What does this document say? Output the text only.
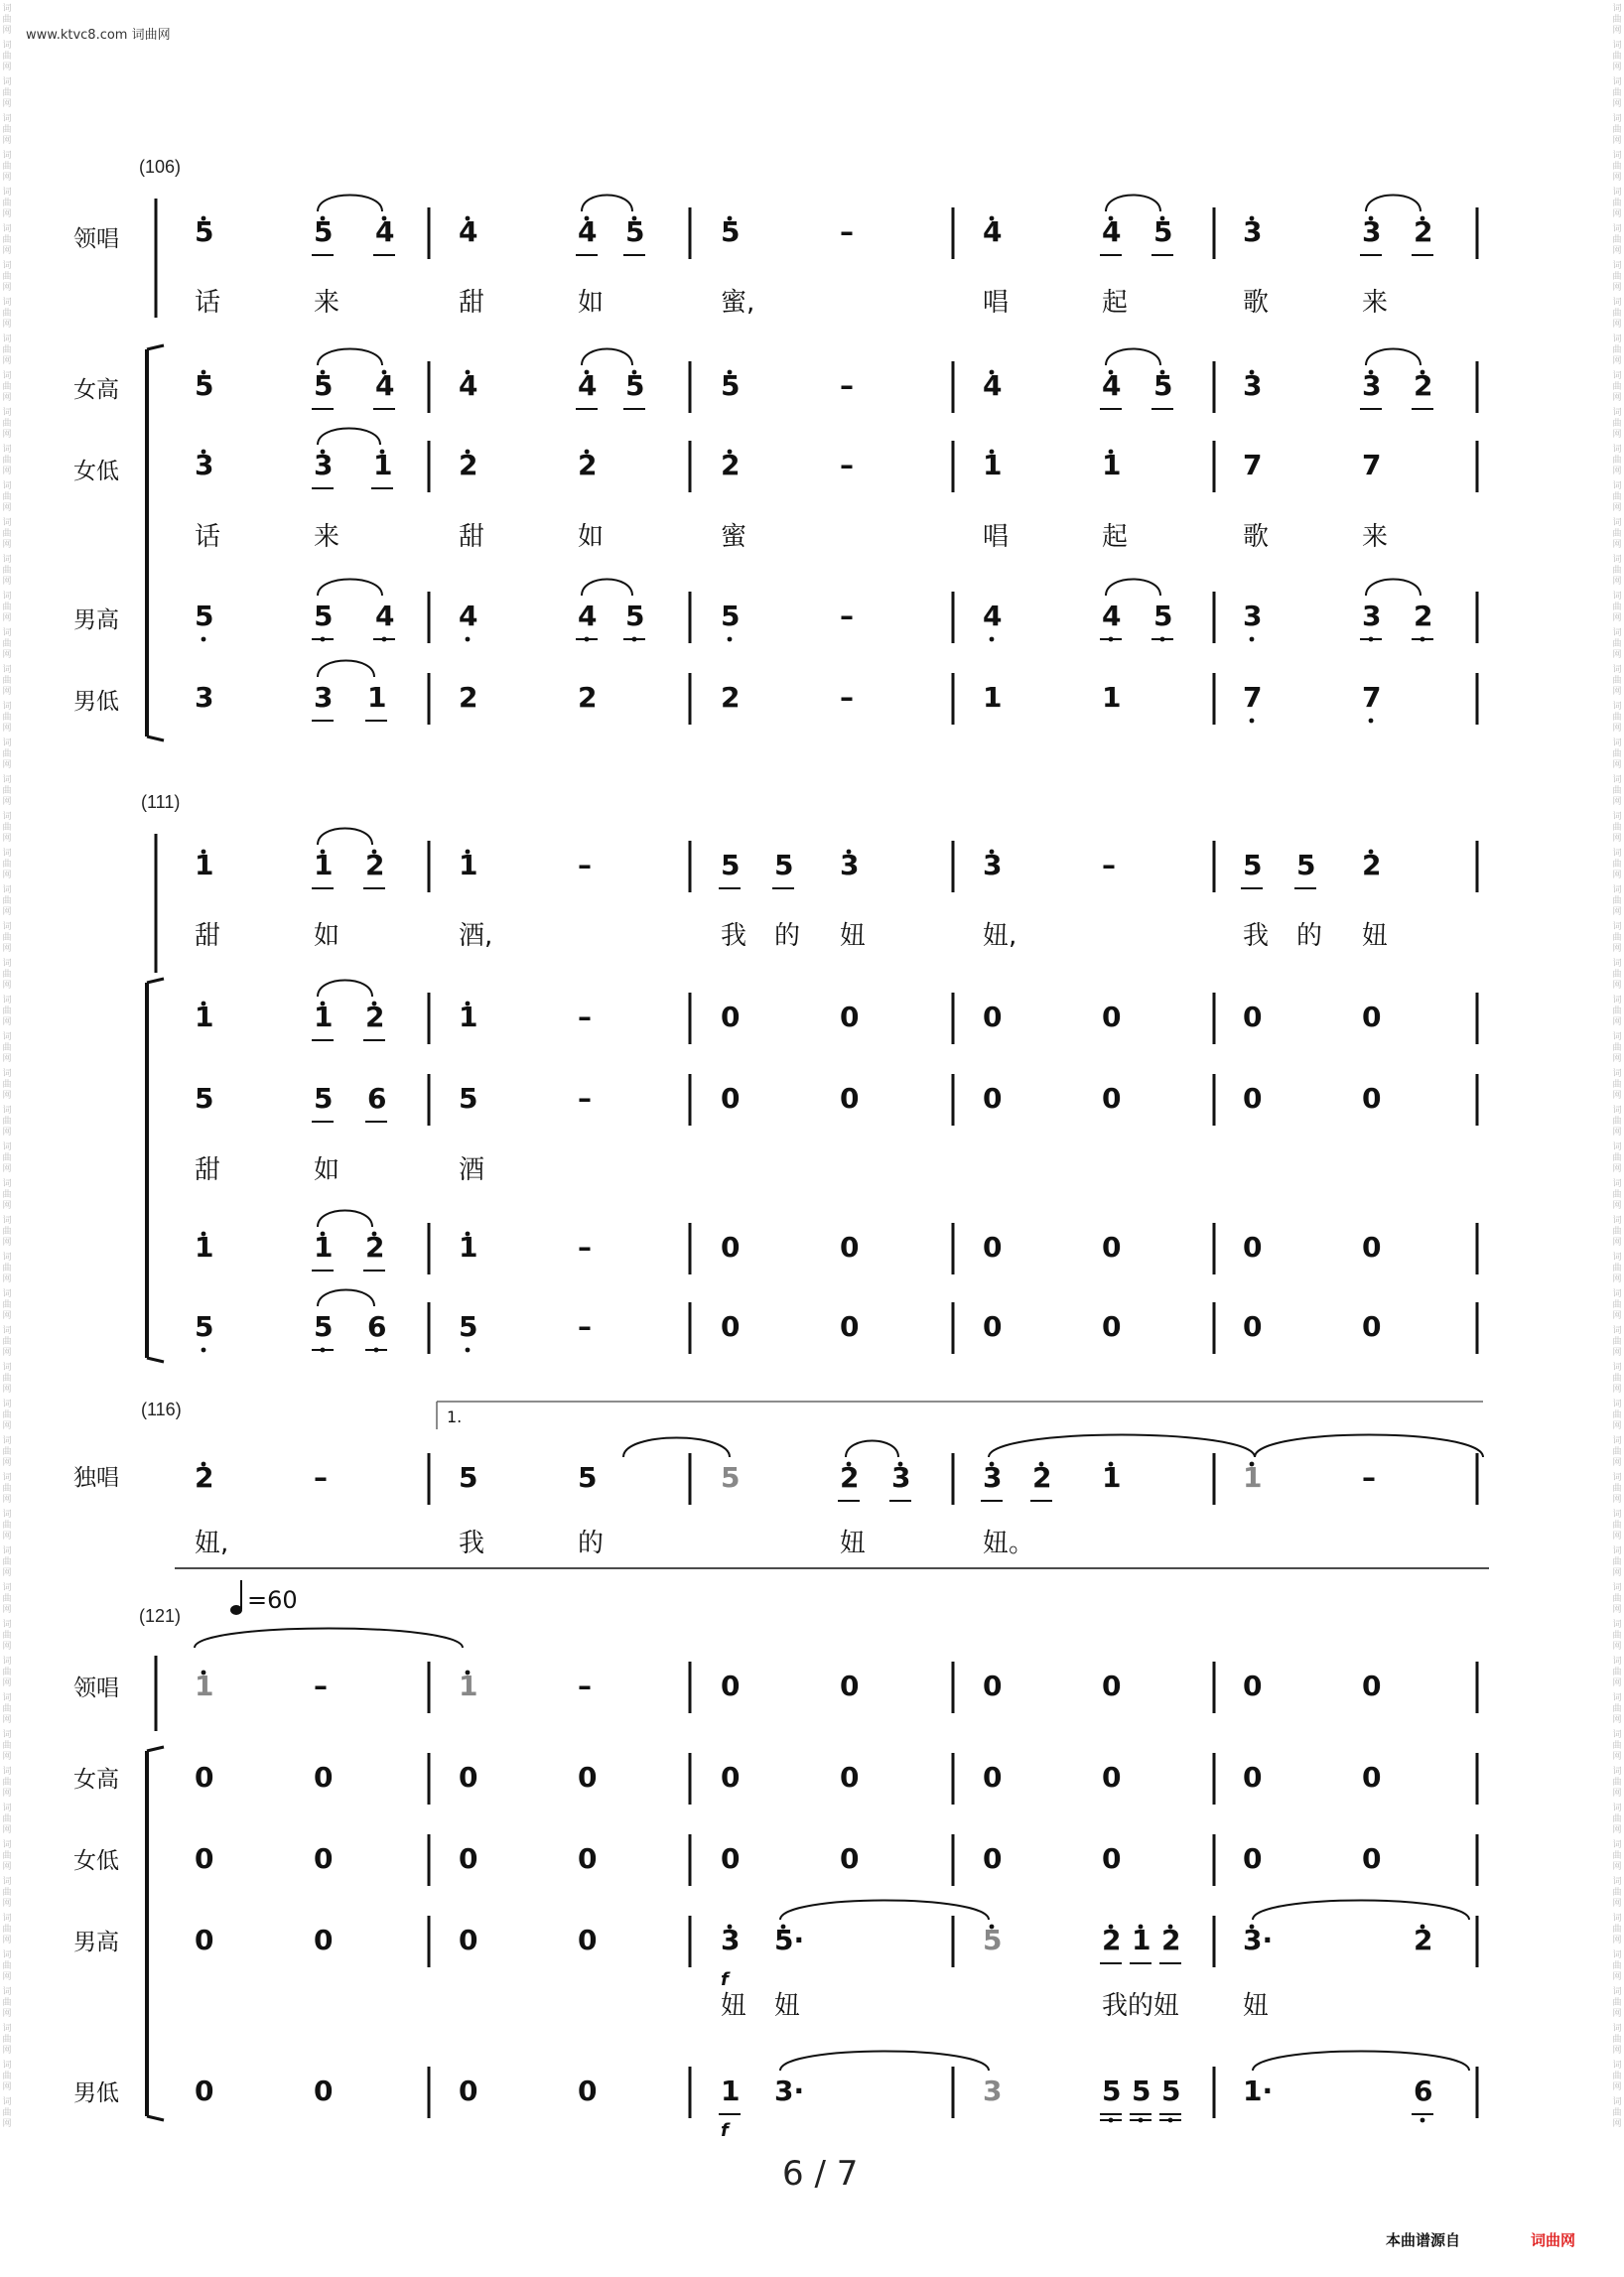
词曲网
词曲网
词曲网
词曲网
词曲网
词曲网
词曲网
词曲网
词曲网
词曲网
词曲网
词曲网
词曲网
词曲网
词曲网
词曲网
词曲网
词曲网
词曲网
词曲网
词曲网
词曲网
词曲网
词曲网
词曲网
词曲网
词曲网
词曲网
词曲网
词曲网
词曲网
词曲网
词曲网
词曲网
词曲网
词曲网
词曲网
词曲网
词曲网
词曲网
词曲网
词曲网
词曲网
词曲网
词曲网
词曲网
词曲网
词曲网
词曲网
词曲网
词曲网
词曲网
词曲网
词曲网
词曲网
词曲网
词曲网
词曲网
词曲网
词曲网
词曲网
词曲网
词曲网
词曲网
词曲网
词曲网
词曲网
词曲网
词曲网
词曲网
词曲网
词曲网
词曲网
词曲网
词曲网
词曲网
词曲网
词曲网
词曲网
词曲网
词曲网
词曲网
词曲网
词曲网
词曲网
词曲网
词曲网
词曲网
词曲网
词曲网
词曲网
词曲网
词曲网
词曲网
词曲网
词曲网
词曲网
词曲网
词曲网
词曲网
词曲网
词曲网
词曲网
词曲网
词曲网
词曲网
词曲网
词曲网
词曲网
词曲网
词曲网
词曲网
词曲网
词曲网
词曲网
词曲网
www.ktvc8.com 词曲网
(106)
领唱
女高
女低
男高
男低
(111)
(116)
独唱
1.
(121)
=60
领唱
女高
女低
男高
男低
f
f
话	来	甜	如	蜜,	唱	起	歌	来
话	来	甜	如	蜜	唱	起	歌	来
甜	如	酒,	我 的 妞	妞,	我 的 妞
甜	如	酒
妞,	我	的	妞	妞。
妞 妞	我的妞 妞
5	5 4 4	4 5	5	–	4	4 5	3	3 2
5	5 4 4	4 5	5	–	4	4 5	3	3 2
3	3 1 2	2	2	–	1	1	7	7
5	5 4 4	4 5	5	–	4	4 5	3	3 2
3	3 1	2	2	2	–	1	1	7	7
1	1 2	1	–	5 5 3	3	–	5 5 2
1	1 2	1	–	0	0	0	0	0	0
5	5 6	5	–	0	0	0	0	0	0
1	1 2	1	–	0	0	0	0	0	0
5	5 6	5	–	0	0	0	0	0	0
2	–	5	5	5	2 3	3 2 1	1	–
1	–	1	–	0	0	0	0	0	0
0	0	0	0	0	0	0	0	0	0
0	0	0	0	0	0	0	0	0	0
0	0	0	0	3 5·	5	2 1 2 3·	2
0	0	0	0	1 3·	3	5 5 5 1·	6
6 / 7
本曲谱源自	词曲网
